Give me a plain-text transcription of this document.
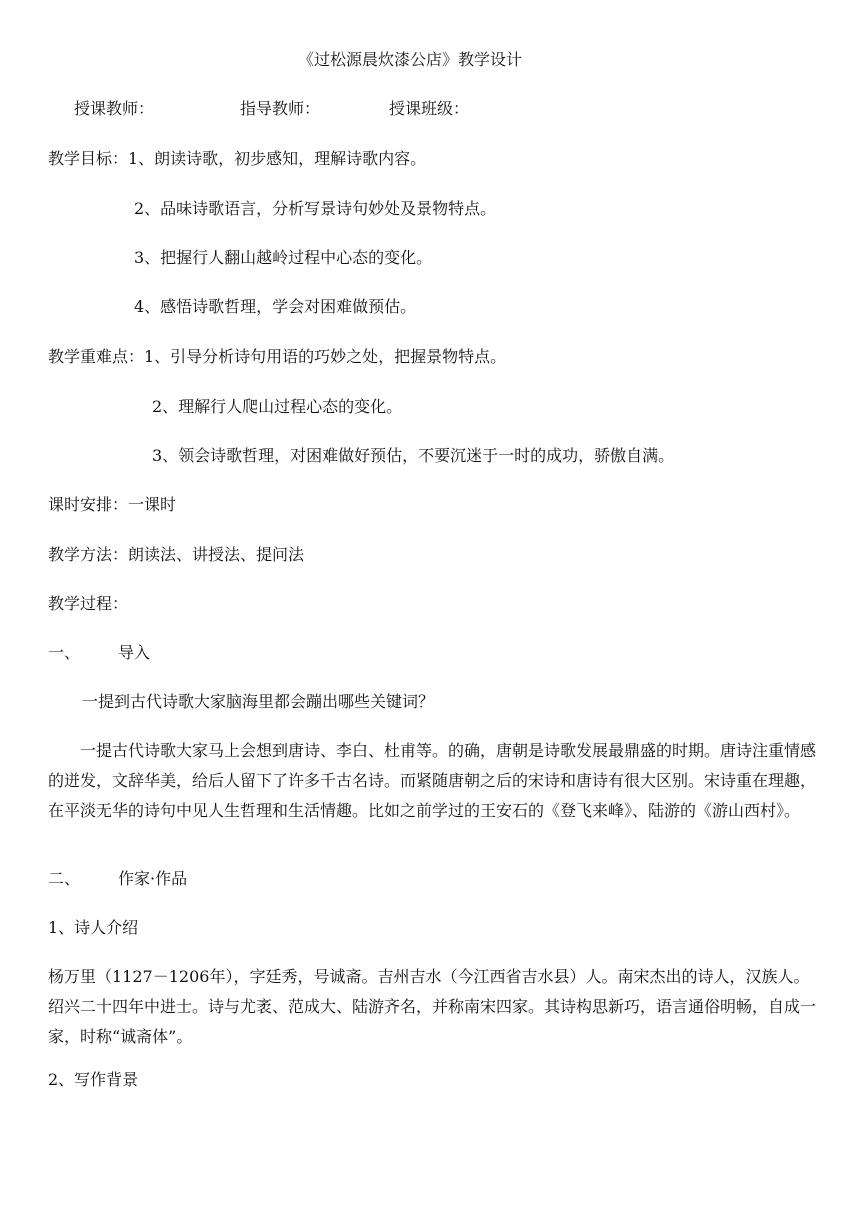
《过松源晨炊漆公店》教学设计
授课教师：	指导教师：	授课班级：
教学目标： 1、朗读诗歌，初步感知，理解诗歌内容。
2、品味诗歌语言，分析写景诗句妙处及景物特点。
3、把握行人翻山越岭过程中心态的变化。
4、感悟诗歌哲理，学会对困难做预估。
教学重难点： 1、引导分析诗句用语的巧妙之处，把握景物特点。
2、理解行人爬山过程心态的变化。
3、领会诗歌哲理，对困难做好预估，不要沉迷于一时的成功，骄傲自满。
课时安排：一课时
教学方法：朗读法、讲授法、提问法
教学过程：
一、 导入
一提到古代诗歌大家脑海里都会蹦出哪些关键词？

一提古代诗歌大家马上会想到唐诗、李白、杜甫等。的确，唐朝是诗歌发展最鼎盛的时期。唐诗注重情感的迸发，文辞华美，给后人留下了许多千古名诗。而紧随唐朝之后的宋诗和唐诗有很大区别。宋诗重在理趣，在平淡无华的诗句中见人生哲理和生活情趣。比如之前学过的王安石的《登飞来峰》、陆游的《游山西村》。

二、 作家·作品
1、诗人介绍

杨万里（1127－1206年），字廷秀，号诚斋。吉州吉水（今江西省吉水县）人。南宋杰出的诗人，汉族人。绍兴二十四年中进士。诗与尤袤、范成大、陆游齐名，并称南宋四家。其诗构思新巧，语言通俗明畅，自成一家，时称“诚斋体”。

2、写作背景
